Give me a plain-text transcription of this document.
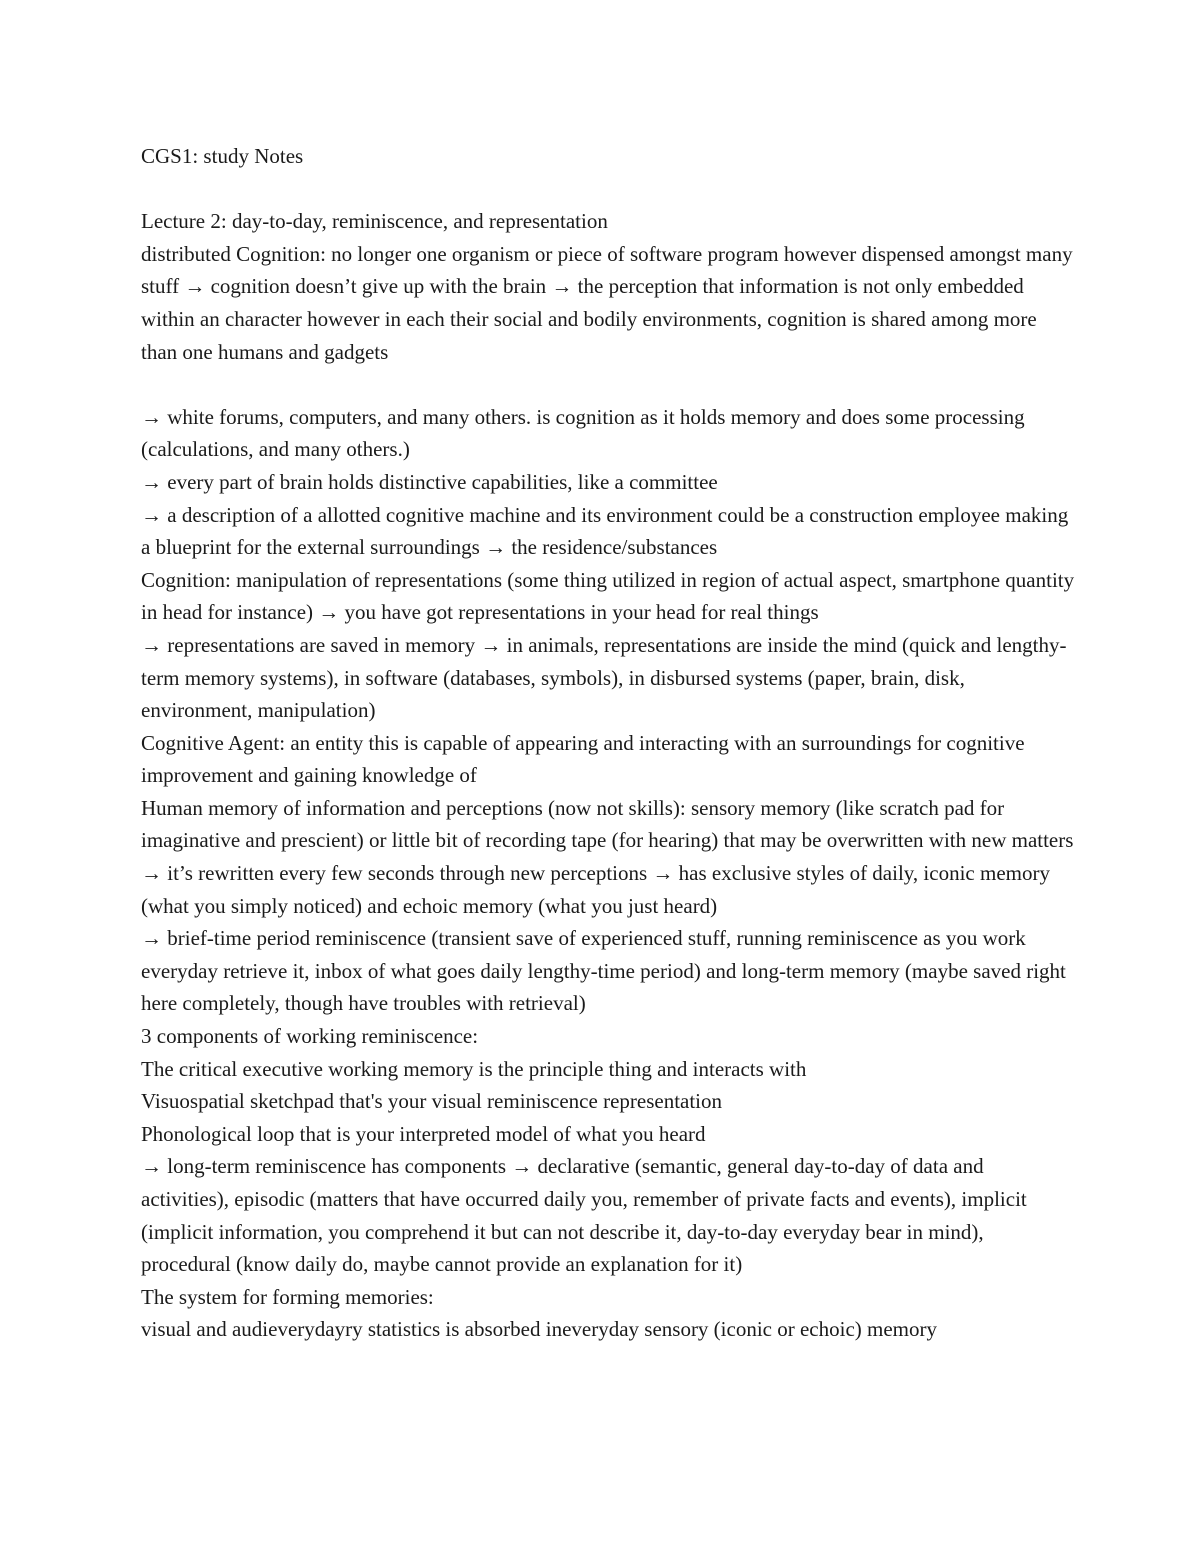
CGS1: study Notes

Lecture 2: day-to-day, reminiscence, and representation

distributed Cognition: no longer one organism or piece of software program however dispensed amongst many stuff → cognition doesn’t give up with the brain → the perception that information is not only embedded within an character however in each their social and bodily environments, cognition is shared among more than one humans and gadgets

→ white forums, computers, and many others. is cognition as it holds memory and does some processing (calculations, and many others.)

→ every part of brain holds distinctive capabilities, like a committee

→ a description of a allotted cognitive machine and its environment could be a construction employee making a blueprint for the external surroundings → the residence/substances

Cognition: manipulation of representations (some thing utilized in region of actual aspect, smartphone quantity in head for instance) → you have got representations in your head for real things

→ representations are saved in memory → in animals, representations are inside the mind (quick and lengthy-term memory systems), in software (databases, symbols), in disbursed systems (paper, brain, disk, environment, manipulation)

Cognitive Agent: an entity this is capable of appearing and interacting with an surroundings for cognitive improvement and gaining knowledge of

Human memory of information and perceptions (now not skills): sensory memory (like scratch pad for imaginative and prescient) or little bit of recording tape (for hearing) that may be overwritten with new matters → it’s rewritten every few seconds through new perceptions → has exclusive styles of daily, iconic memory (what you simply noticed) and echoic memory (what you just heard)

→ brief-time period reminiscence (transient save of experienced stuff, running reminiscence as you work everyday retrieve it, inbox of what goes daily lengthy-time period) and long-term memory (maybe saved right here completely, though have troubles with retrieval)

3 components of working reminiscence:

The critical executive working memory is the principle thing and interacts with

Visuospatial sketchpad that's your visual reminiscence representation

Phonological loop that is your interpreted model of what you heard

→ long-term reminiscence has components → declarative (semantic, general day-to-day of data and activities), episodic (matters that have occurred daily you, remember of private facts and events), implicit (implicit information, you comprehend it but can not describe it, day-to-day everyday bear in mind), procedural (know daily do, maybe cannot provide an explanation for it)

The system for forming memories:

visual and audieverydayry statistics is absorbed ineveryday sensory (iconic or echoic) memory
